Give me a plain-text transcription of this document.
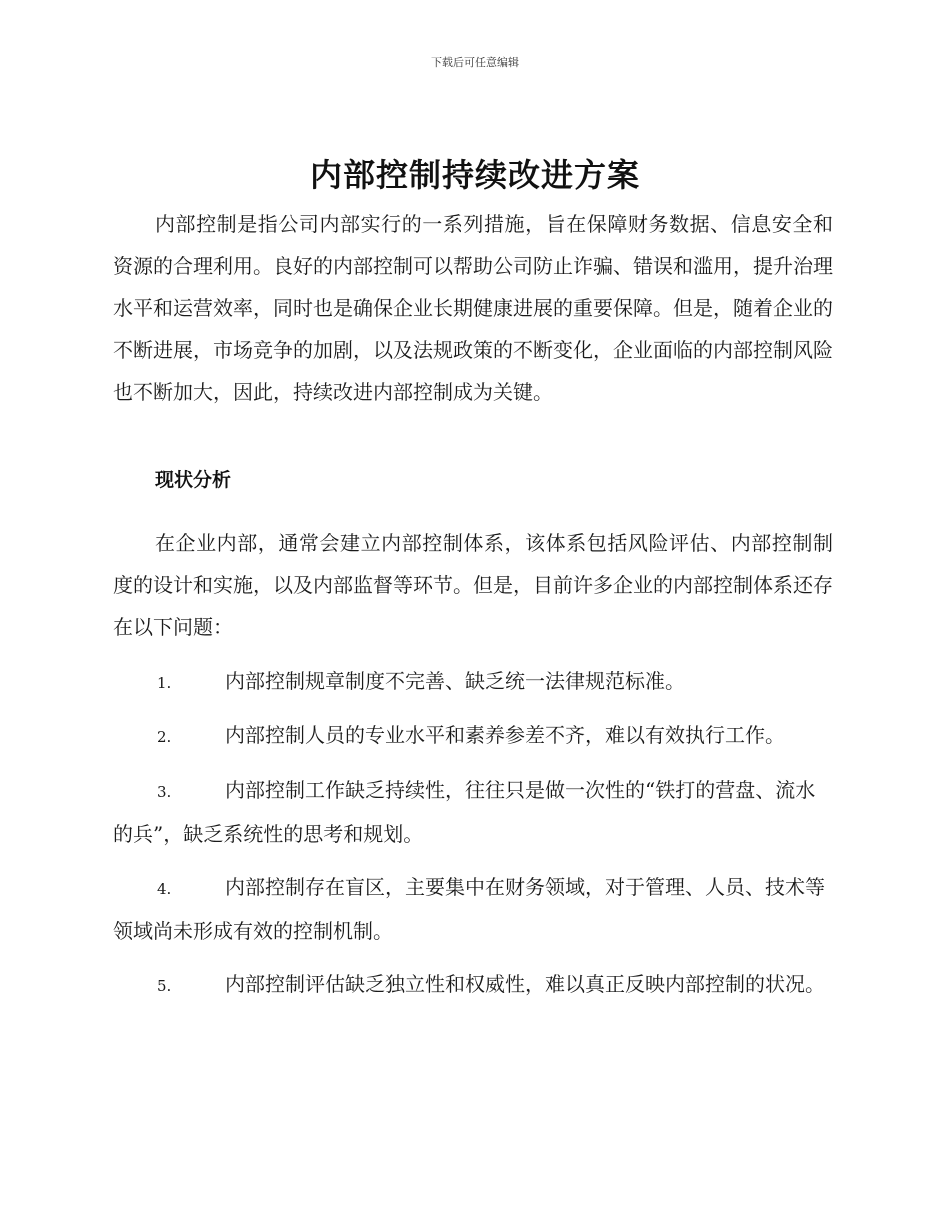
下载后可任意编辑
内部控制持续改进方案

内部控制是指公司内部实行的一系列措施，旨在保障财务数据、信息安全和资源的合理利用。良好的内部控制可以帮助公司防止诈骗、错误和滥用，提升治理水平和运营效率，同时也是确保企业长期健康进展的重要保障。但是，随着企业的不断进展，市场竞争的加剧，以及法规政策的不断变化，企业面临的内部控制风险也不断加大，因此，持续改进内部控制成为关键。

现状分析

在企业内部，通常会建立内部控制体系，该体系包括风险评估、内部控制制度的设计和实施，以及内部监督等环节。但是，目前许多企业的内部控制体系还存在以下问题：

1.	内部控制规章制度不完善、缺乏统一法律规范标准。

2.	内部控制人员的专业水平和素养参差不齐，难以有效执行工作。

3.	内部控制工作缺乏持续性，往往只是做一次性的“铁打的营盘、流水的兵”，缺乏系统性的思考和规划。

4.	内部控制存在盲区，主要集中在财务领域，对于管理、人员、技术等领域尚未形成有效的控制机制。

5.	内部控制评估缺乏独立性和权威性，难以真正反映内部控制的状况。
